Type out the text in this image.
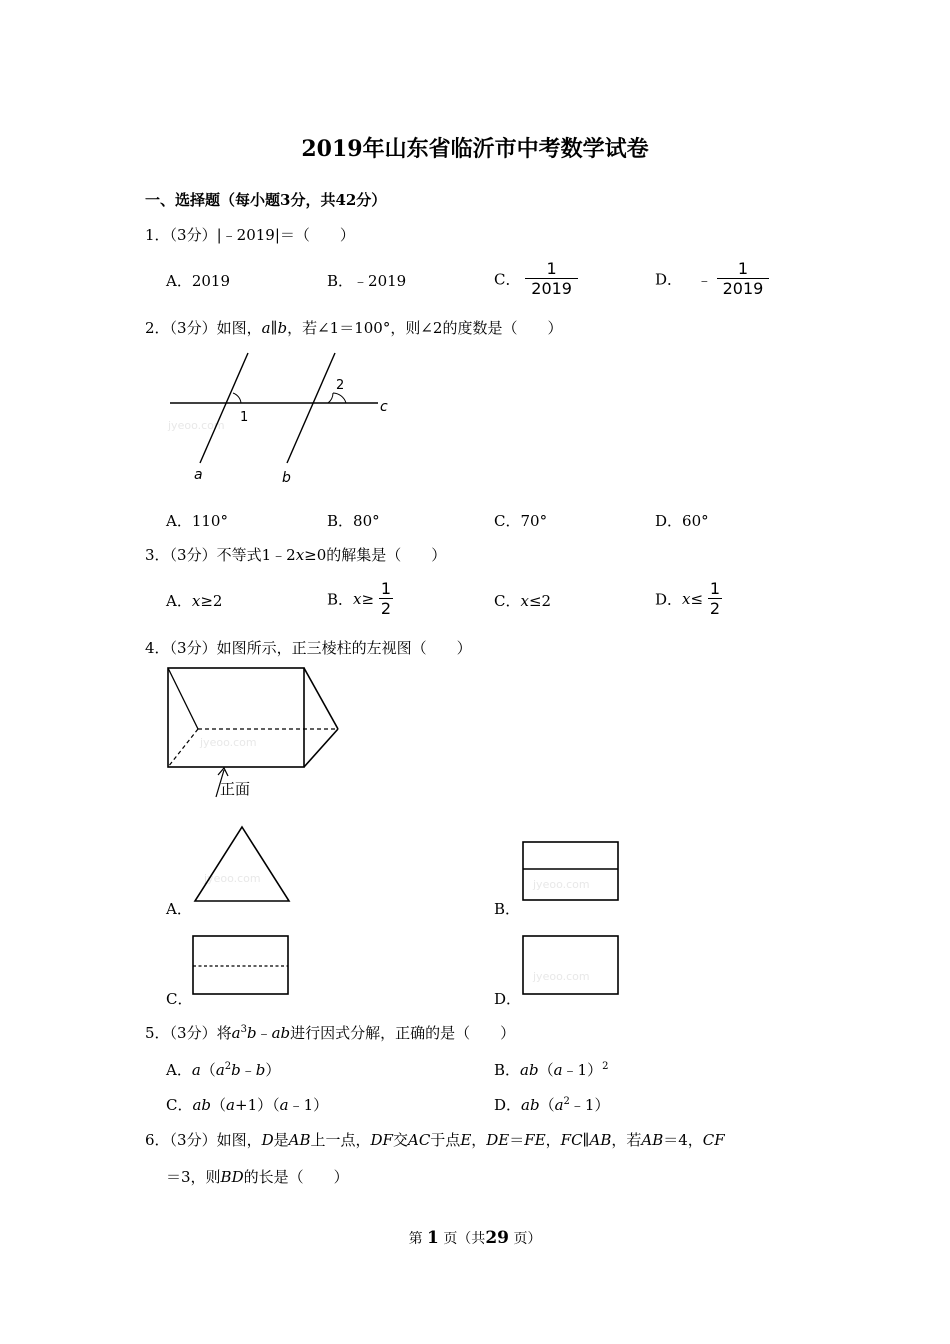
2019年山东省临沂市中考数学试卷
一、选择题（每小题3分，共42分）
1．（3分）|﹣2019|＝（　　）
A．2019	B．﹣2019	C． $\frac{1}{2019}$	D． ﹣ $\frac{1}{2019}$
2．（3分）如图，a∥b，若∠1＝100°，则∠2的度数是（　　）
jyeoo.com
1
2
c
a	b
A．110°	B．80°	C．70°	D．60°
3．（3分）不等式1﹣2x≥0的解集是（　　）
A．x≥2	B．$x\ge \frac{1}{2}$	C．x≤2	D．$x\le \frac{1}{2}$
4．（3分）如图所示，正三棱柱的左视图（　　）
jyeoo.com
正面
A．
jyeoo.com
B．
jyeoo.com
C．	D．
jyeoo.com
5．（3分）将$a^3b﹣ab$进行因式分解，正确的是（　　）
A．$a(a^2b﹣b)$	B．ab（a﹣1）$^2$
C．ab（a+1）（a﹣1）	D．$ab(a^2﹣1)$
6．（3分）如图，D是AB上一点，DF交AC于点E，DE＝FE，FC∥AB，若AB＝4，CF
＝3，则BD的长是（　　）
第 1 页（共29 页）
